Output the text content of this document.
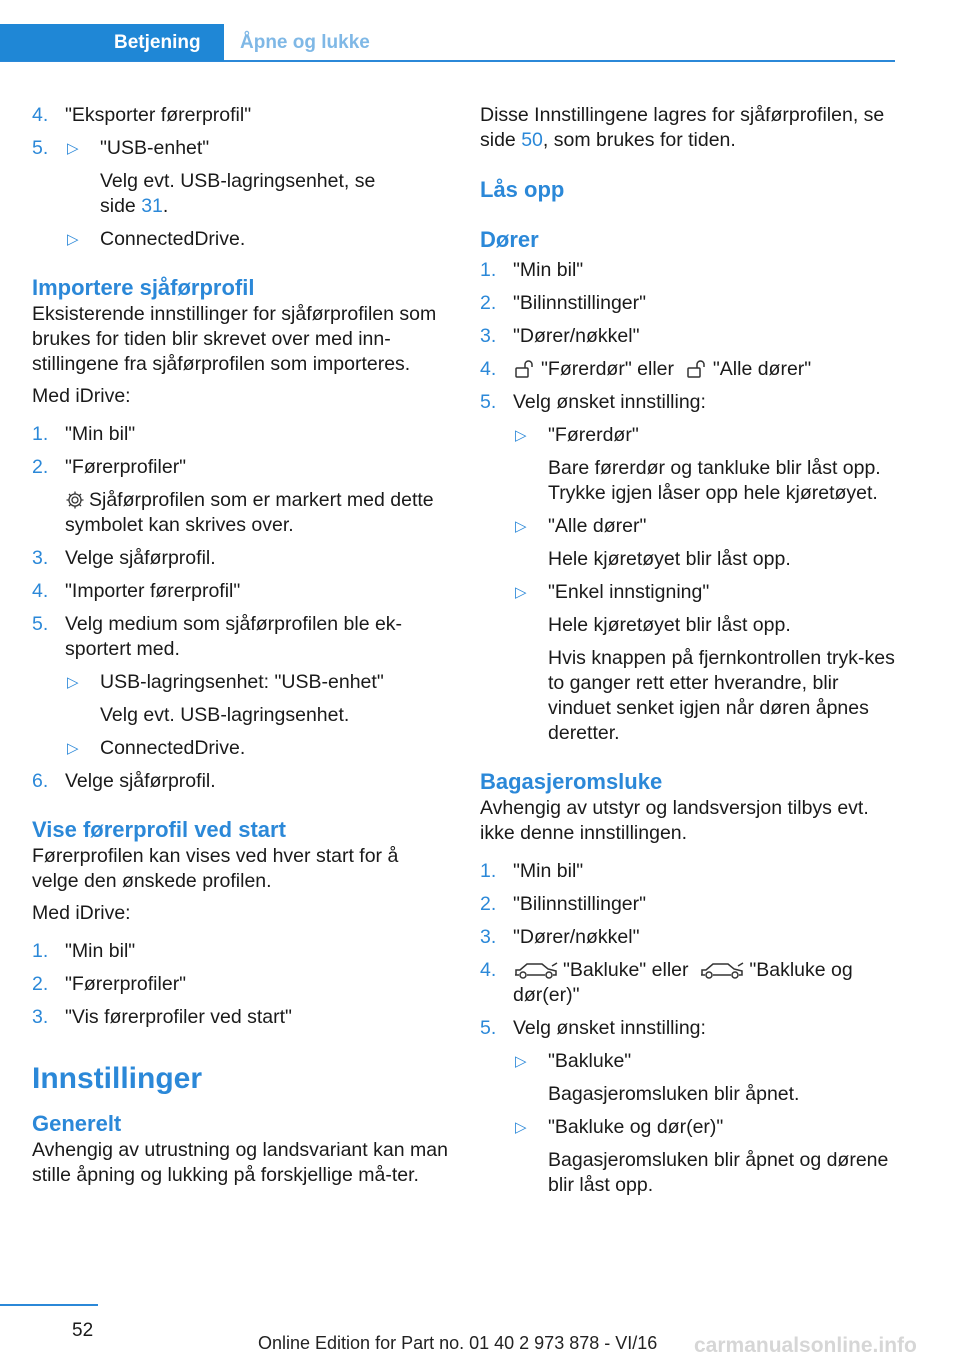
Betjening	Åpne og lukke
4. "Eksporter førerprofil"
5. ▷ "USB-enhet"
Velg evt. USB-lagringsenhet, se
side 31.
▷ ConnectedDrive.
Importere sjåførprofil
Eksisterende innstillinger for sjåførprofilen som brukes for tiden blir skrevet over med inn-stillingene fra sjåførprofilen som importeres.
Med iDrive:
1. "Min bil"
2. "Førerprofiler"
Sjåførprofilen som er markert med dette symbolet kan skrives over.
3. Velge sjåførprofil.
4. "Importer førerprofil"
5. Velg medium som sjåførprofilen ble ek-sportert med.
▷ USB-lagringsenhet: "USB-enhet"
Velg evt. USB-lagringsenhet.
▷ ConnectedDrive.
6. Velge sjåførprofil.
Vise førerprofil ved start
Førerprofilen kan vises ved hver start for å velge den ønskede profilen.
Med iDrive:
1. "Min bil"
2. "Førerprofiler"
3. "Vis førerprofiler ved start"
Innstillinger
Generelt
Avhengig av utrustning og landsvariant kan man stille åpning og lukking på forskjellige må-ter.
Disse Innstillingene lagres for sjåførprofilen, se side 50, som brukes for tiden.
Lås opp
Dører
1. "Min bil"
2. "Bilinnstillinger"
3. "Dører/nøkkel"
4. "Førerdør" eller "Alle dører"
5. Velg ønsket innstilling:
▷ "Førerdør"
Bare førerdør og tankluke blir låst opp. Trykke igjen låser opp hele kjøretøyet.
▷ "Alle dører"
Hele kjøretøyet blir låst opp.
▷ "Enkel innstigning"
Hele kjøretøyet blir låst opp.
Hvis knappen på fjernkontrollen tryk-kes to ganger rett etter hverandre, blir vinduet senket igjen når døren åpnes deretter.
Bagasjeromsluke
Avhengig av utstyr og landsversjon tilbys evt. ikke denne innstillingen.
1. "Min bil"
2. "Bilinnstillinger"
3. "Dører/nøkkel"
4.	"Bakluke" eller	"Bakluke og dør(er)"
5. Velg ønsket innstilling:
▷ "Bakluke"
Bagasjeromsluken blir åpnet.
▷ "Bakluke og dør(er)"
Bagasjeromsluken blir åpnet og dørene blir låst opp.
52
Online Edition for Part no. 01 40 2 973 878 - VI/16 carmanualsonline.info
